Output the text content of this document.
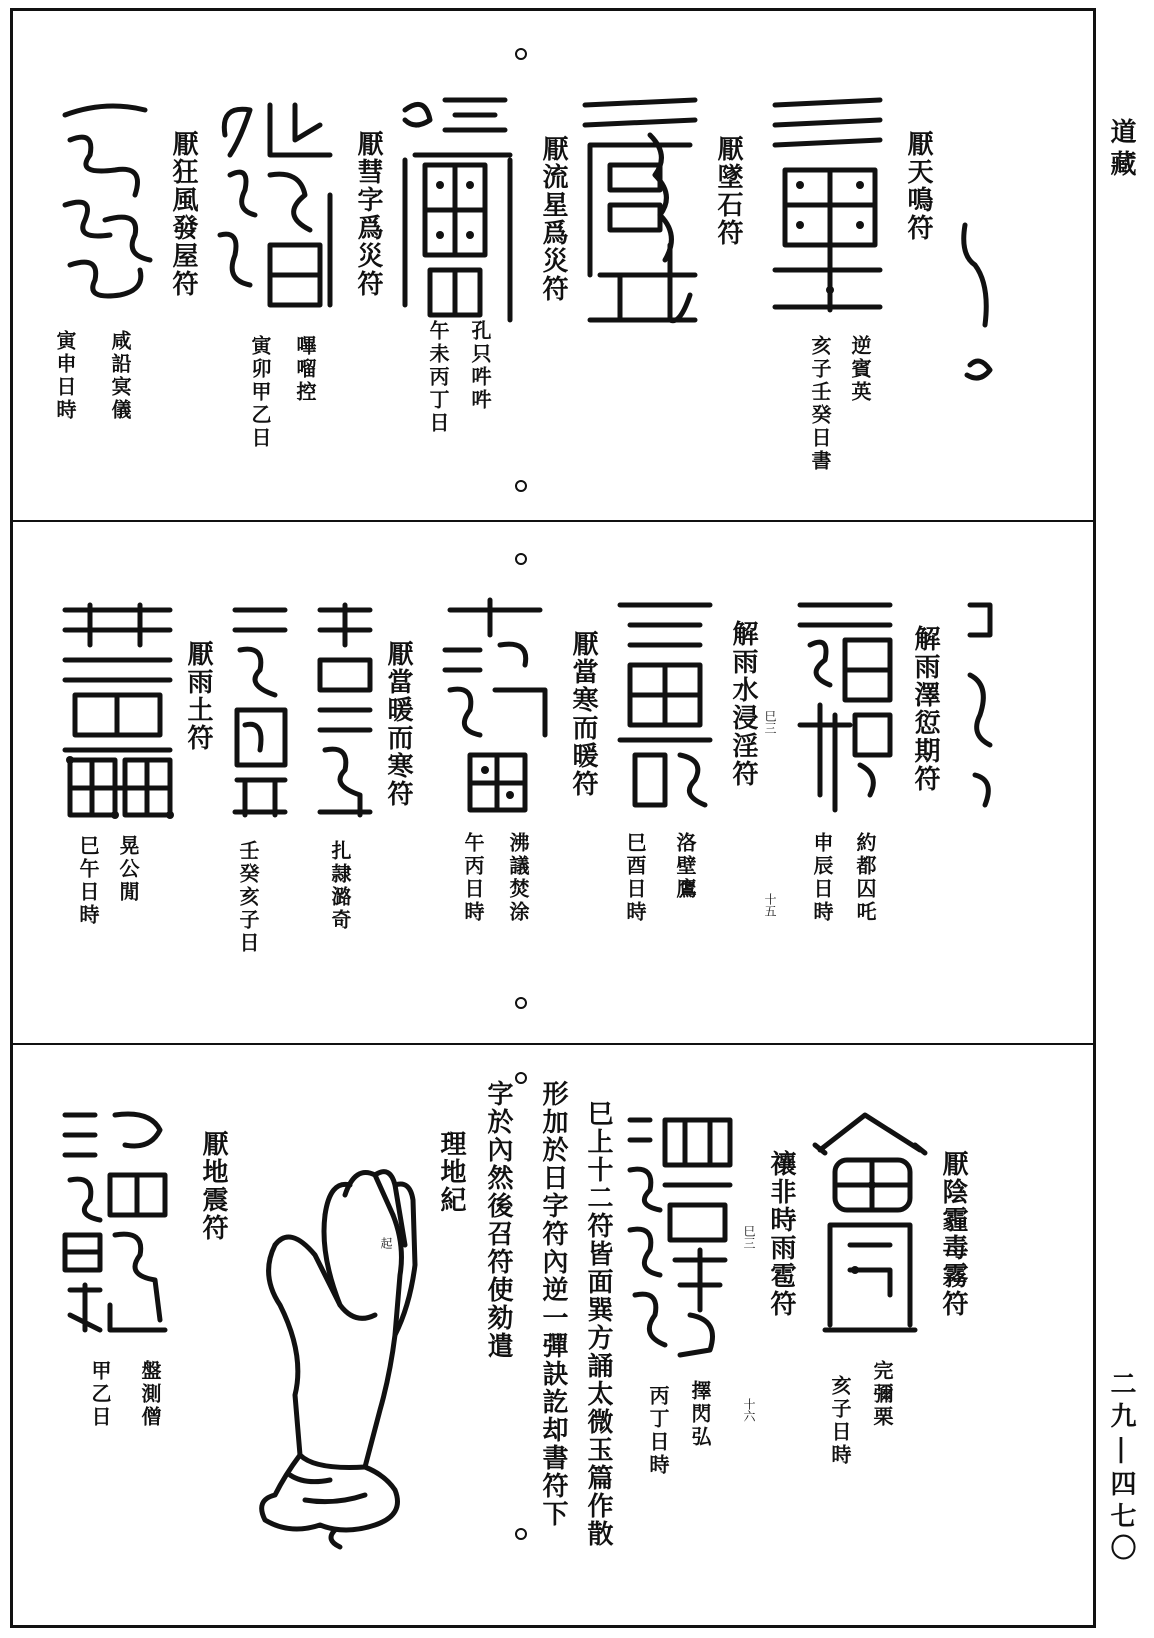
道藏
二九|四七〇
厭天鳴符
逆賓英
亥子壬癸日書
厭墜石符
厭流星爲災符
孔只吽吽
午未丙丁日
厭彗字爲災符
嗶𠺕控
寅卯甲乙日
厭狂風發屋符
咸䛇㝠儀
寅申日時
解雨澤愆期符
約都囚吒
申辰日時
巳三
十五
解雨水浸淫符
洛壁鷹
巳酉日時
厭當寒而暖符
沸議焚涂
午丙日時
厭當暖而寒符
扎隷潞奇
壬癸亥子日
厭雨土符
晃公閒
巳午日時
厭陰霾毒霧符
完彌栗
亥子日時
禳非時雨雹符
擇閃弘
丙丁日時
巳三
十六
巳上十二符皆面巽方誦太微玉篇作散
形加於日字符內逆一彈訣訖却書符下
字於內然後召符使劾遣
理地紀
起
厭地震符
盤測僧
甲乙日
